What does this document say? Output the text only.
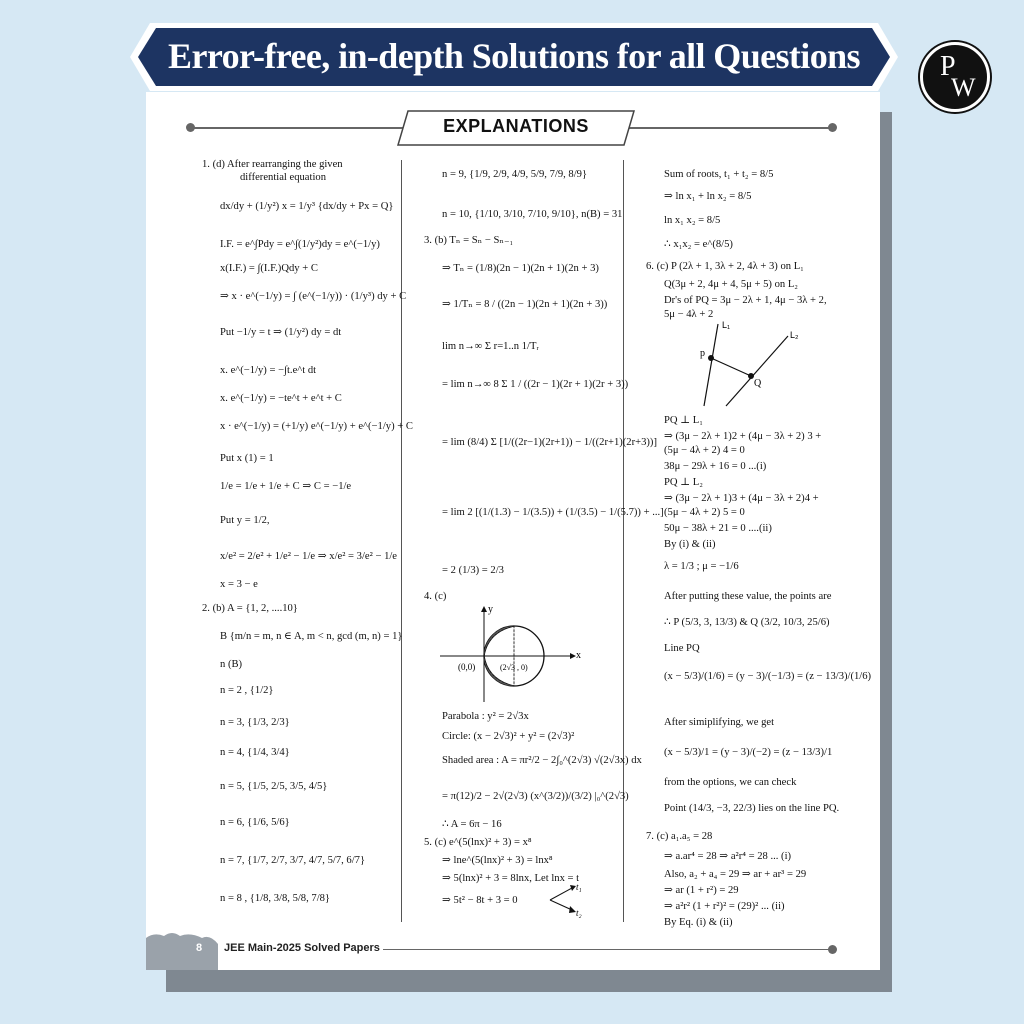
Error-free, in-depth Solutions for all Questions	P
W
EXPLANATIONS
1. (d) After rearranging the given
differential equation
dx/dy + (1/y²) x = 1/y³ {dx/dy + Px = Q}
I.F. = e^∫Pdy = e^∫(1/y²)dy = e^(−1/y)
x(I.F.) = ∫(I.F.)Qdy + C
⇒ x · e^(−1/y) = ∫ (e^(−1/y)) · (1/y³) dy + C
Put −1/y = t ⇒ (1/y²) dy = dt
x. e^(−1/y) = −∫t.e^t dt
x. e^(−1/y) = −te^t + e^t + C
x · e^(−1/y) = (+1/y) e^(−1/y) + e^(−1/y) + C
Put x (1) = 1
1/e = 1/e + 1/e + C ⇒ C = −1/e
Put y = 1/2,
x/e² = 2/e² + 1/e² − 1/e ⇒ x/e² = 3/e² − 1/e
x = 3 − e
2. (b) A = {1, 2, ....10}
B {m/n = m, n ∈ A, m < n, gcd (m, n) = 1}
n (B)
n = 2 , {1/2}
n = 3, {1/3, 2/3}
n = 4, {1/4, 3/4}
n = 5, {1/5, 2/5, 3/5, 4/5}
n = 6, {1/6, 5/6}
n = 7, {1/7, 2/7, 3/7, 4/7, 5/7, 6/7}
n = 8 , {1/8, 3/8, 5/8, 7/8}
n = 9, {1/9, 2/9, 4/9, 5/9, 7/9, 8/9}
n = 10, {1/10, 3/10, 7/10, 9/10}, n(B) = 31
3. (b) Tₙ = Sₙ − Sₙ₋₁
⇒ Tₙ = (1/8)(2n − 1)(2n + 1)(2n + 3)
⇒ 1/Tₙ = 8 / ((2n − 1)(2n + 1)(2n + 3))
lim n→∞ Σ r=1..n 1/Tᵣ
= lim n→∞ 8 Σ 1 / ((2r − 1)(2r + 1)(2r + 3))
= lim (8/4) Σ [1/((2r−1)(2r+1)) − 1/((2r+1)(2r+3))]
= lim 2 [(1/(1.3) − 1/(3.5)) + (1/(3.5) − 1/(5.7)) + ...]
= 2 (1/3) = 2/3
4. (c)
x
y
(0,0)	(2√3 , 0)
Parabola : y² = 2√3x
Circle: (x − 2√3)² + y² = (2√3)²
Shaded area : A = πr²/2 − 2∫₀^(2√3) √(2√3x) dx
= π(12)/2 − 2√(2√3) (x^(3/2))/(3/2) |₀^(2√3)
∴ A = 6π − 16
5. (c) e^(5(lnx)² + 3) = x⁸
⇒ lne^(5(lnx)² + 3) = lnx⁸
⇒ 5(lnx)² + 3 = 8lnx, Let lnx = t
⇒ 5t² − 8t + 3 = 0
t₁
t₂
Sum of roots, t₁ + t₂ = 8/5
⇒ ln x₁ + ln x₂ = 8/5
ln x₁ x₂ = 8/5
∴ x₁x₂ = e^(8/5)
6. (c) P (2λ + 1, 3λ + 2, 4λ + 3) on L₁
Q(3μ + 2, 4μ + 4, 5μ + 5) on L₂
Dr's of PQ = 3μ − 2λ + 1, 4μ − 3λ + 2,
5μ − 4λ + 2
L₁
L₂
p
Q
PQ ⊥ L₁
⇒ (3μ − 2λ + 1)2 + (4μ − 3λ + 2) 3 +
(5μ − 4λ + 2) 4 = 0
38μ − 29λ + 16 = 0 ...(i)
PQ ⊥ L₂
⇒ (3μ − 2λ + 1)3 + (4μ − 3λ + 2)4 +
(5μ − 4λ + 2) 5 = 0
50μ − 38λ + 21 = 0 ....(ii)
By (i) & (ii)
λ = 1/3 ; μ = −1/6
After putting these value, the points are
∴ P (5/3, 3, 13/3) & Q (3/2, 10/3, 25/6)
Line PQ
(x − 5/3)/(1/6) = (y − 3)/(−1/3) = (z − 13/3)/(1/6)
After simiplifying, we get
(x − 5/3)/1 = (y − 3)/(−2) = (z − 13/3)/1
from the options, we can check
Point (14/3, −3, 22/3) lies on the line PQ.
7. (c) a₁.a₅ = 28
⇒ a.ar⁴ = 28 ⇒ a²r⁴ = 28 ... (i)
Also, a₂ + a₄ = 29 ⇒ ar + ar³ = 29
⇒ ar (1 + r²) = 29
⇒ a²r² (1 + r²)² = (29)² ... (ii)
By Eq. (i) & (ii)
8 JEE Main-2025 Solved Papers
